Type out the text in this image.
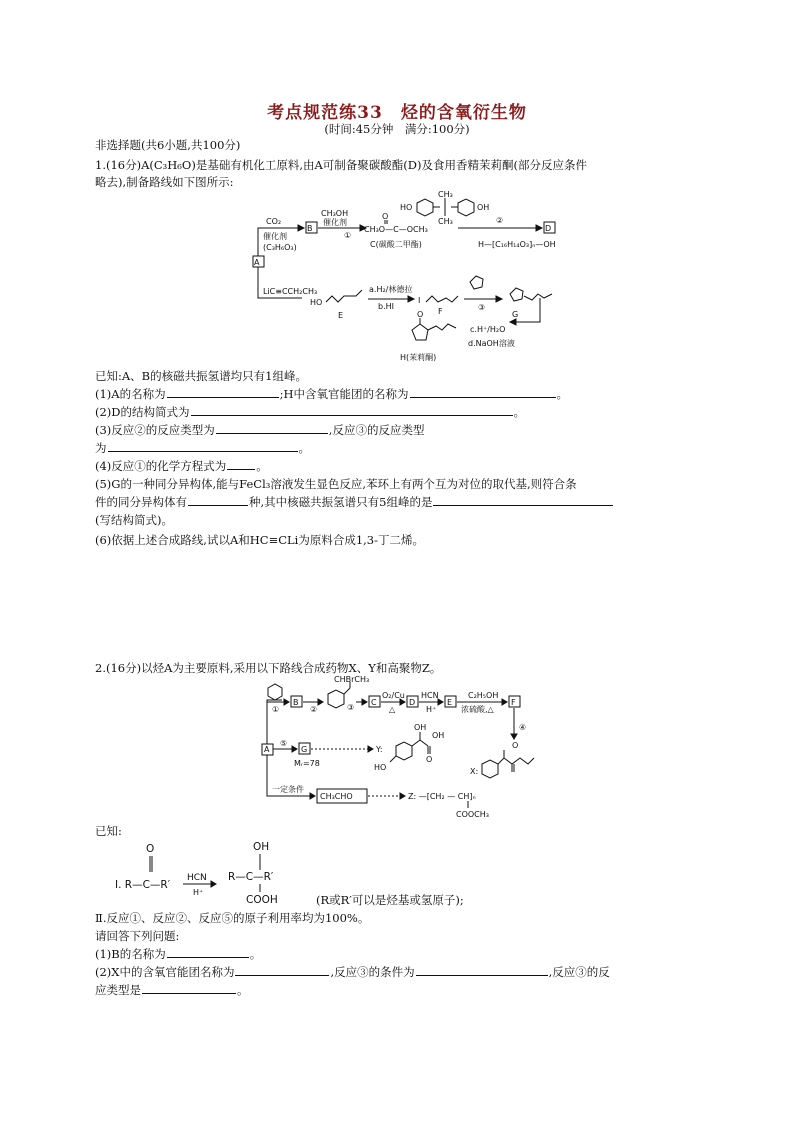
考点规范练33　烃的含氧衍生物
(时间:45分钟　满分:100分)
非选择题(共6小题,共100分)
1.(16分)A(C₃H₆O)是基础有机化工原料,由A可制备聚碳酸酯(D)及食用香精茉莉酮(部分反应条件
略去),制备路线如下图所示:
CO₂
催化剂
(C₃H₆O₃)
B
CH₃OH
催化剂
①
O
CH₃O—C—OCH₃
C(碳酸二甲酯)
HO	OH
CH₃
CH₃	②
D
H—[C₁₆H₁₄O₃]ₙ—OH
A
LiC≡CCH₂CH₃
HO
E
a.H₂/林德拉
b.HI
I
F	③
G
c.H⁺/H₂O
d.NaOH溶液
O
H(茉莉酮)
已知:A、B的核磁共振氢谱均只有1组峰。
(1)A的名称为	;H中含氧官能团的名称为	。
(2)D的结构简式为	。
(3)反应②的反应类型为	,反应③的反应类型
为	。
(4)反应①的化学方程式为	。
(5)G的一种同分异构体,能与FeCl₃溶液发生显色反应,苯环上有两个互为对位的取代基,则符合条
件的同分异构体有	种,其中核磁共振氢谱只有5组峰的是
(写结构简式)。
(6)依据上述合成路线,试以A和HC≡CLi为原料合成1,3-丁二烯。
2.(16分)以烃A为主要原料,采用以下路线合成药物X、Y和高聚物Z。
CHBrCH₃
①
B
②	③
C
O₂/Cu
△
D
HCN
H⁺
E
C₂H₅OH
浓硫酸,△
F
④
A
⑤
G
Mᵣ=78
Y:
OH
OH
HO
O
O
X:
一定条件
CH₃CHO	Z: —[CH₂ — CH]ₙ
COOCH₃
已知:
O
Ⅰ. R—C—R′
HCN
H⁺
OH
R—C—R′
COOH	(R或R′可以是烃基或氢原子);
Ⅱ.反应①、反应②、反应⑤的原子利用率均为100%。
请回答下列问题:
(1)B的名称为	。
(2)X中的含氧官能团名称为	,反应③的条件为	,反应③的反
应类型是	。
